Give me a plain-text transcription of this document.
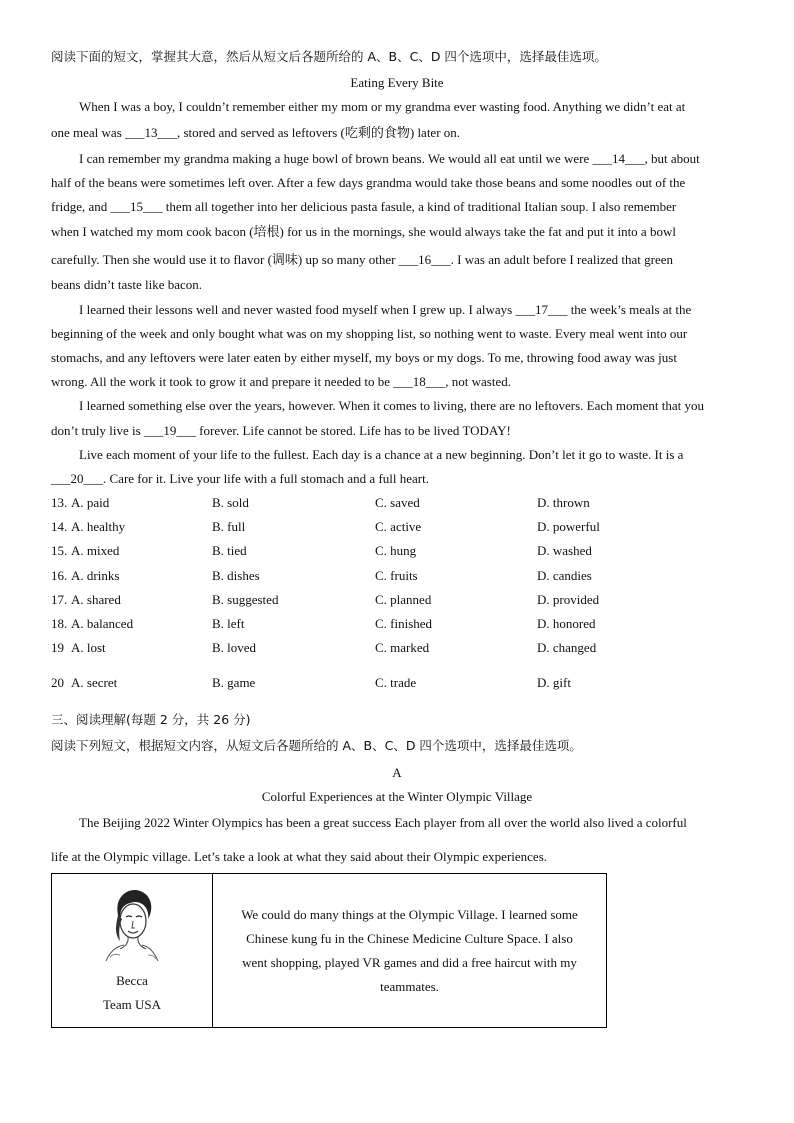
阅读下面的短文，掌握其大意，然后从短文后各题所给的 A、B、C、D 四个选项中，选择最佳选项。
Eating Every Bite
When I was a boy, I couldn’t remember either my mom or my grandma ever wasting food. Anything we didn’t eat at
one meal was ___13___, stored and served as leftovers (吃剩的食物) later on.
I can remember my grandma making a huge bowl of brown beans. We would all eat until we were ___14___, but about
half of the beans were sometimes left over. After a few days grandma would take those beans and some noodles out of the
fridge, and ___15___ them all together into her delicious pasta fasule, a kind of traditional Italian soup. I also remember
when I watched my mom cook bacon (培根) for us in the mornings, she would always take the fat and put it into a bowl
carefully. Then she would use it to flavor (调味) up so many other ___16___. I was an adult before I realized that green
beans didn’t taste like bacon.
I learned their lessons well and never wasted food myself when I grew up. I always ___17___ the week’s meals at the
beginning of the week and only bought what was on my shopping list, so nothing went to waste. Every meal went into our
stomachs, and any leftovers were later eaten by either myself, my boys or my dogs. To me, throwing food away was just
wrong. All the work it took to grow it and prepare it needed to be ___18___, not wasted.
I learned something else over the years, however. When it comes to living, there are no leftovers. Each moment that you
don’t truly live is ___19___ forever. Life cannot be stored. Life has to be lived TODAY!
Live each moment of your life to the fullest. Each day is a chance at a new beginning. Don’t let it go to waste. It is a
___20___. Care for it. Live your life with a full stomach and a full heart.
13. A. paid	B. sold	C. saved	D. thrown
14. A. healthy	B. full	C. active	D. powerful
15. A. mixed	B. tied	C. hung	D. washed
16. A. drinks	B. dishes	C. fruits	D. candies
17. A. shared	B. suggested	C. planned	D. provided
18. A. balanced	B. left	C. finished	D. honored
19 A. lost	B. loved	C. marked	D. changed
20 A. secret	B. game	C. trade	D. gift
三、阅读理解(每题 2 分，共 26 分)
阅读下列短文，根据短文内容，从短文后各题所给的 A、B、C、D 四个选项中，选择最佳选项。
A
Colorful Experiences at the Winter Olympic Village
The Beijing 2022 Winter Olympics has been a great success Each player from all over the world also lived a colorful
life at the Olympic village. Let’s take a look at what they said about their Olympic experiences.
Becca
Team USA

We could do many things at the Olympic Village. I learned some
Chinese kung fu in the Chinese Medicine Culture Space. I also
went shopping, played VR games and did a free haircut with my
teammates.
